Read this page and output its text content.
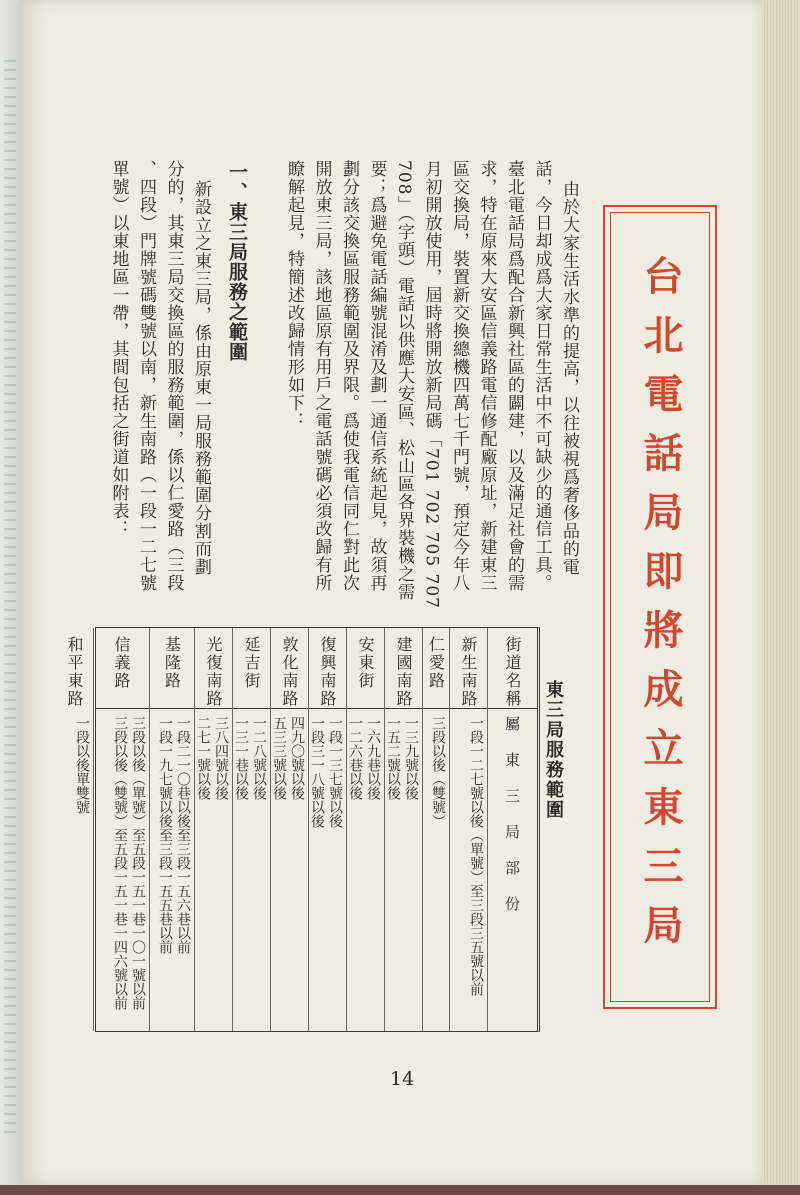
台北電話局即將成立東三局
由於大家生活水準的提高，以往被視爲奢侈品的電
話，今日却成爲大家日常生活中不可缺少的通信工具。
臺北電話局爲配合新興社區的闢建，以及滿足社會的需
求，特在原來大安區信義路電信修配廠原址，新建東三
區交換局，裝置新交換總機四萬七千門號，預定今年八
月初開放使用，屆時將開放新局碼「701 702 705 707
708」（字頭）電話以供應大安區、松山區各界裝機之需
要；爲避免電話編號混淆及劃一通信系統起見，故須再
劃分該交換區服務範圍及界限。爲使我電信同仁對此次
開放東三局，該地區原有用戶之電話號碼必須改歸有所
瞭解起見，特簡述改歸情形如下：
一、東三局服務之範圍
新設立之東三局，係由原東一局服務範圍分割而劃
分的，其東三局交換區的服務範圍，係以仁愛路（三段
、四段）門牌號碼雙號以南，新生南路（一段一二七號
單號）以東地區一帶，其間包括之街道如附表：
東三局服務範圍
街道名稱
屬東三局部份
新生南路
一段一二七號以後（單號）至三段三五號以前
仁愛路
三段以後（雙號）
建國南路
一三九號以後
一五二號以後
安東街
一六九巷以後
一二六巷以後
復興南路
一段一三七號以後
一段三一八號以後
敦化南路
四九〇號以後
五三三號以後
延吉街
一二八號以後
一三一巷以後
光復南路
三八四號以後
二七一號以後
基隆路
一段二一〇巷以後至三段一五六巷以前
一段一九七號以後至三段一五五巷以前
信義路
三段以後（單號）至五段一五一巷一〇一號以前
三段以後（雙號）至五段一五一巷一四六號以前
和平東路
一段以後單雙號
14
